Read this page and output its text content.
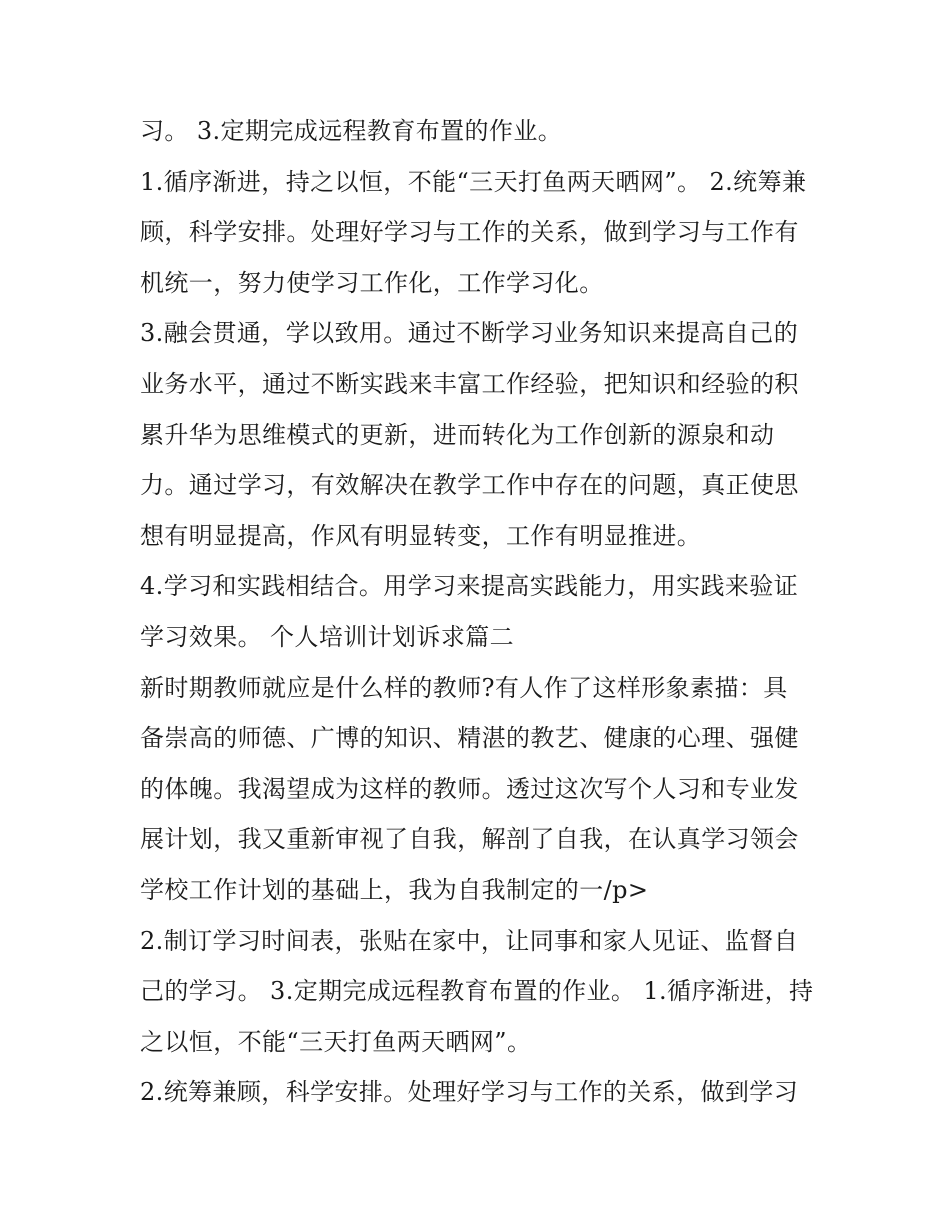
习。 3.定期完成远程教育布置的作业。
1.循序渐进，持之以恒，不能“三天打鱼两天晒网”。 2.统筹兼
顾，科学安排。处理好学习与工作的关系，做到学习与工作有
机统一，努力使学习工作化，工作学习化。
3.融会贯通，学以致用。通过不断学习业务知识来提高自己的
业务水平，通过不断实践来丰富工作经验，把知识和经验的积
累升华为思维模式的更新，进而转化为工作创新的源泉和动
力。通过学习，有效解决在教学工作中存在的问题，真正使思
想有明显提高，作风有明显转变，工作有明显推进。
4.学习和实践相结合。用学习来提高实践能力，用实践来验证
学习效果。 个人培训计划诉求篇二
新时期教师就应是什么样的教师?有人作了这样形象素描：具
备崇高的师德、广博的知识、精湛的教艺、健康的心理、强健
的体魄。我渴望成为这样的教师。透过这次写个人习和专业发
展计划，我又重新审视了自我，解剖了自我，在认真学习领会
学校工作计划的基础上，我为自我制定的一/p>
2.制订学习时间表，张贴在家中，让同事和家人见证、监督自
己的学习。 3.定期完成远程教育布置的作业。 1.循序渐进，持
之以恒，不能“三天打鱼两天晒网”。
2.统筹兼顾，科学安排。处理好学习与工作的关系，做到学习
